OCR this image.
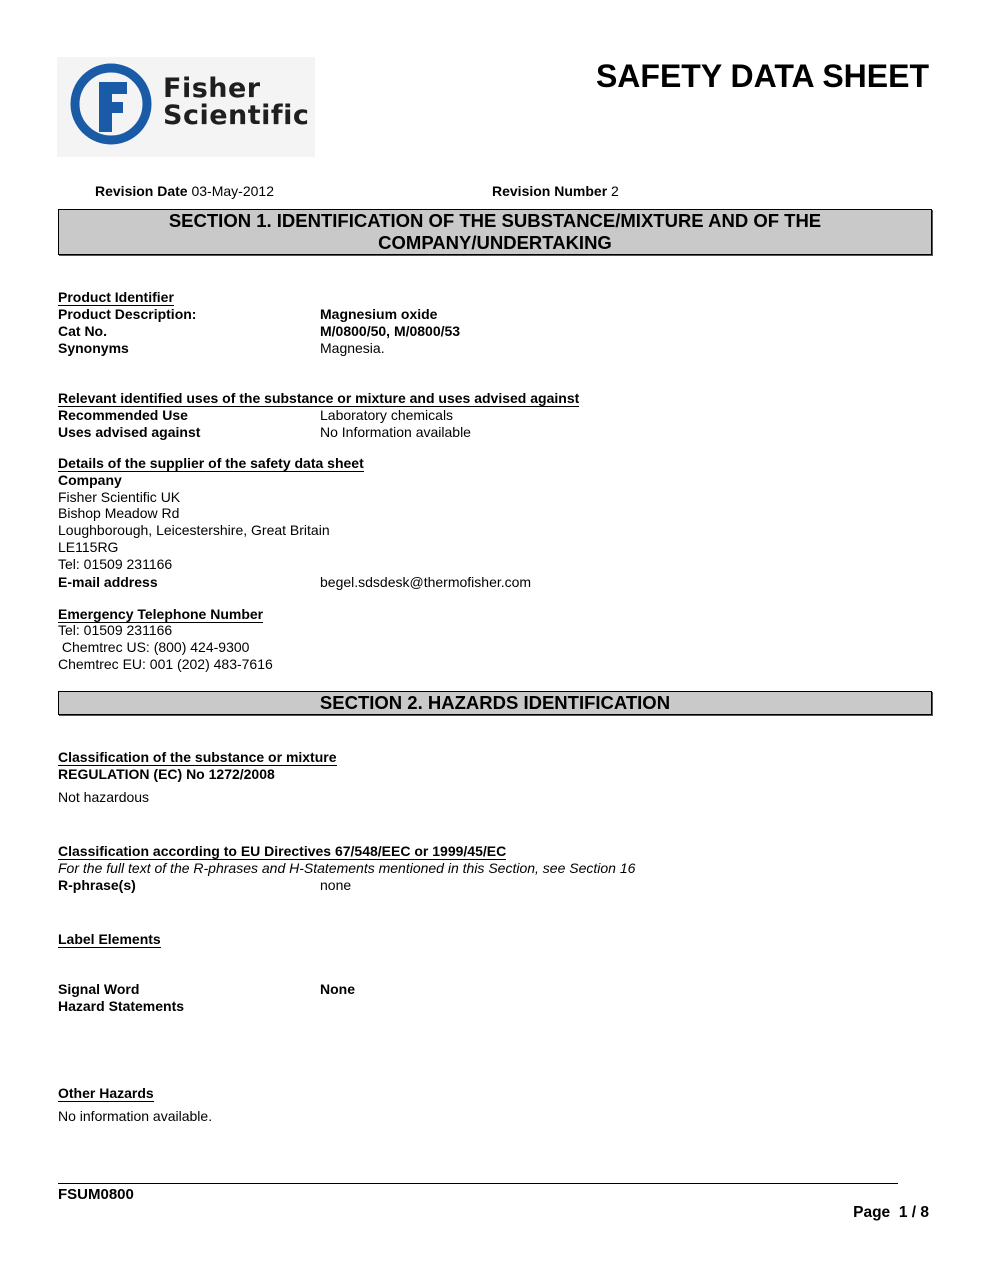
Fisher
Scientific
SAFETY DATA SHEET
Revision Date 03-May-2012	Revision Number 2
SECTION 1. IDENTIFICATION OF THE SUBSTANCE/MIXTURE AND OF THE
COMPANY/UNDERTAKING
Product Identifier
Product Description:	Magnesium oxide
Cat No.	M/0800/50, M/0800/53
Synonyms	Magnesia.
Relevant identified uses of the substance or mixture and uses advised against
Recommended Use	Laboratory chemicals
Uses advised against	No Information available
Details of the supplier of the safety data sheet
Company
Fisher Scientific UK
Bishop Meadow Rd
Loughborough, Leicestershire, Great Britain
LE115RG
Tel: 01509 231166
E-mail address	begel.sdsdesk@thermofisher.com
Emergency Telephone Number
Tel: 01509 231166
Chemtrec US: (800) 424-9300
Chemtrec EU: 001 (202) 483-7616
SECTION 2. HAZARDS IDENTIFICATION
Classification of the substance or mixture
REGULATION (EC) No 1272/2008
Not hazardous
Classification according to EU Directives 67/548/EEC or 1999/45/EC
For the full text of the R-phrases and H-Statements mentioned in this Section, see Section 16
R-phrase(s)	none
Label Elements
Signal Word	None
Hazard Statements
Other Hazards
No information available.
FSUM0800
Page 1 / 8
